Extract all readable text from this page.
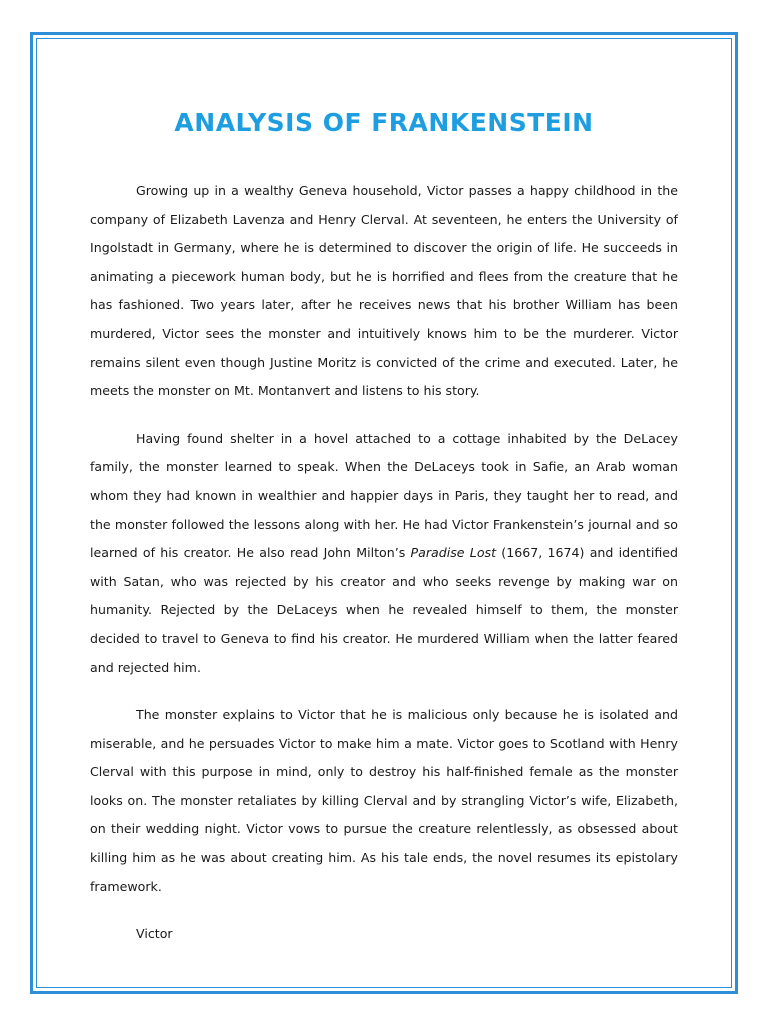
ANALYSIS OF FRANKENSTEIN

Growing up in a wealthy Geneva household, Victor passes a happy childhood in the company of Elizabeth Lavenza and Henry Clerval. At seventeen, he enters the University of Ingolstadt in Germany, where he is determined to discover the origin of life. He succeeds in animating a piecework human body, but he is horrified and flees from the creature that he has fashioned. Two years later, after he receives news that his brother William has been murdered, Victor sees the monster and intuitively knows him to be the murderer. Victor remains silent even though Justine Moritz is convicted of the crime and executed. Later, he meets the monster on Mt. Montanvert and listens to his story.

Having found shelter in a hovel attached to a cottage inhabited by the DeLacey family, the monster learned to speak. When the DeLaceys took in Safie, an Arab woman whom they had known in wealthier and happier days in Paris, they taught her to read, and the monster followed the lessons along with her. He had Victor Frankenstein’s journal and so learned of his creator. He also read John Milton’s Paradise Lost (1667, 1674) and identified with Satan, who was rejected by his creator and who seeks revenge by making war on humanity. Rejected by the DeLaceys when he revealed himself to them, the monster decided to travel to Geneva to find his creator. He murdered William when the latter feared and rejected him.

The monster explains to Victor that he is malicious only because he is isolated and miserable, and he persuades Victor to make him a mate. Victor goes to Scotland with Henry Clerval with this purpose in mind, only to destroy his half-finished female as the monster looks on. The monster retaliates by killing Clerval and by strangling Victor’s wife, Elizabeth, on their wedding night. Victor vows to pursue the creature relentlessly, as obsessed about killing him as he was about creating him. As his tale ends, the novel resumes its epistolary framework.

Victor
